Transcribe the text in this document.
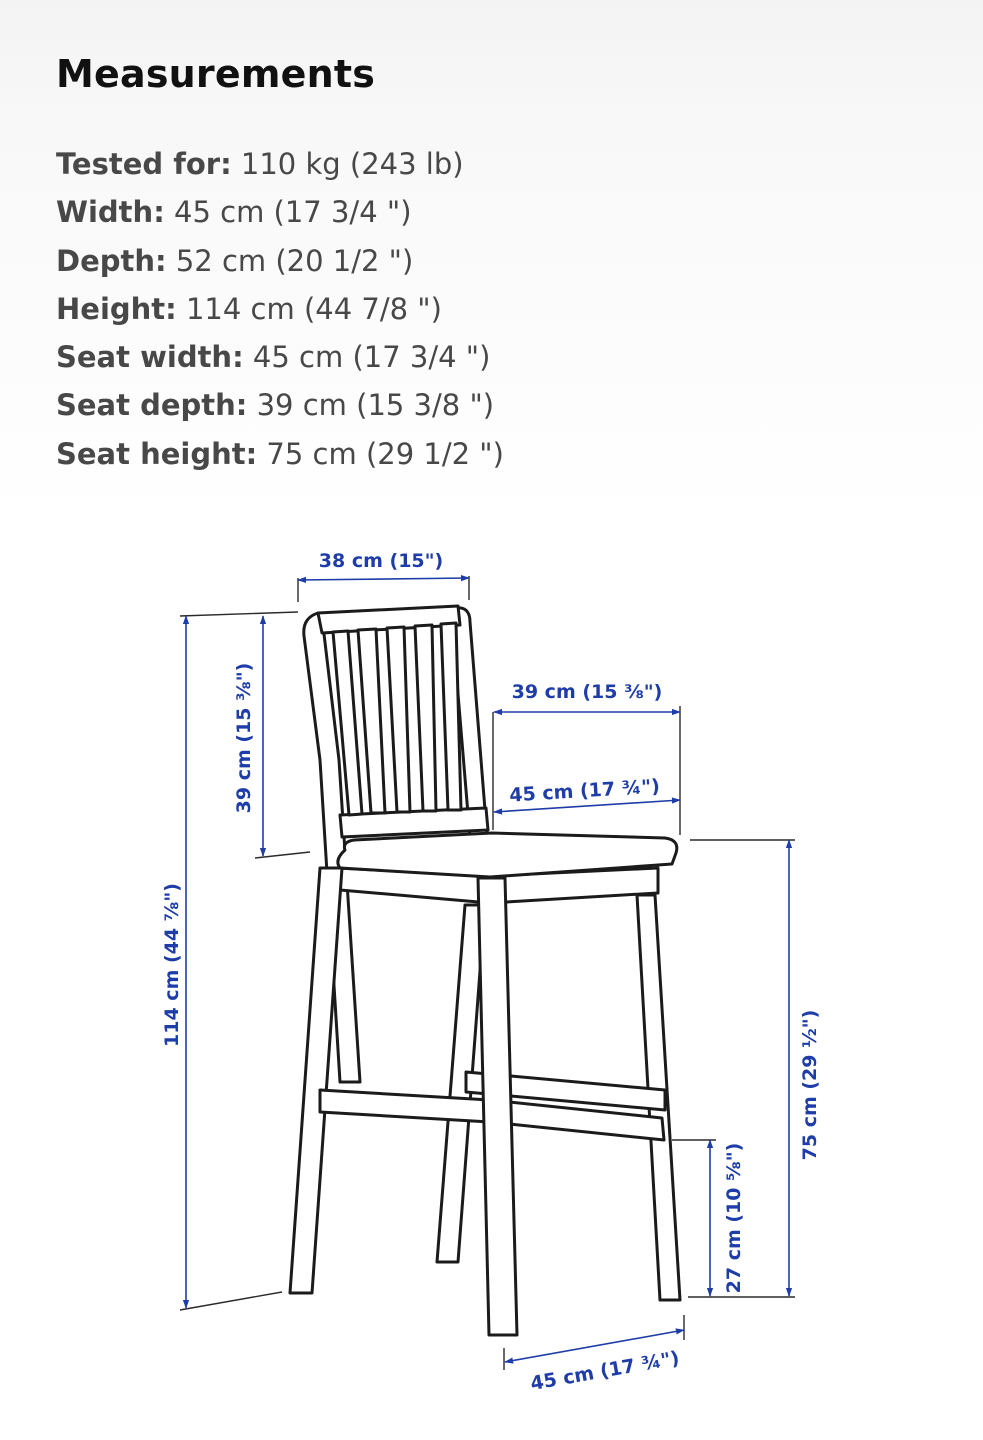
Measurements
Tested for: 110 kg (243 lb)
Width: 45 cm (17 3/4 ")
Depth: 52 cm (20 1/2 ")
Height: 114 cm (44 7/8 ")
Seat width: 45 cm (17 3/4 ")
Seat depth: 39 cm (15 3/8 ")
Seat height: 75 cm (29 1/2 ")
38 cm (15")
39 cm (15 ⅜")
114 cm (44 ⅞")
39 cm (15 ⅜")
45 cm (17 ¾")
75 cm (29 ½")
27 cm (10 ⅝")
45 cm (17 ¾")
